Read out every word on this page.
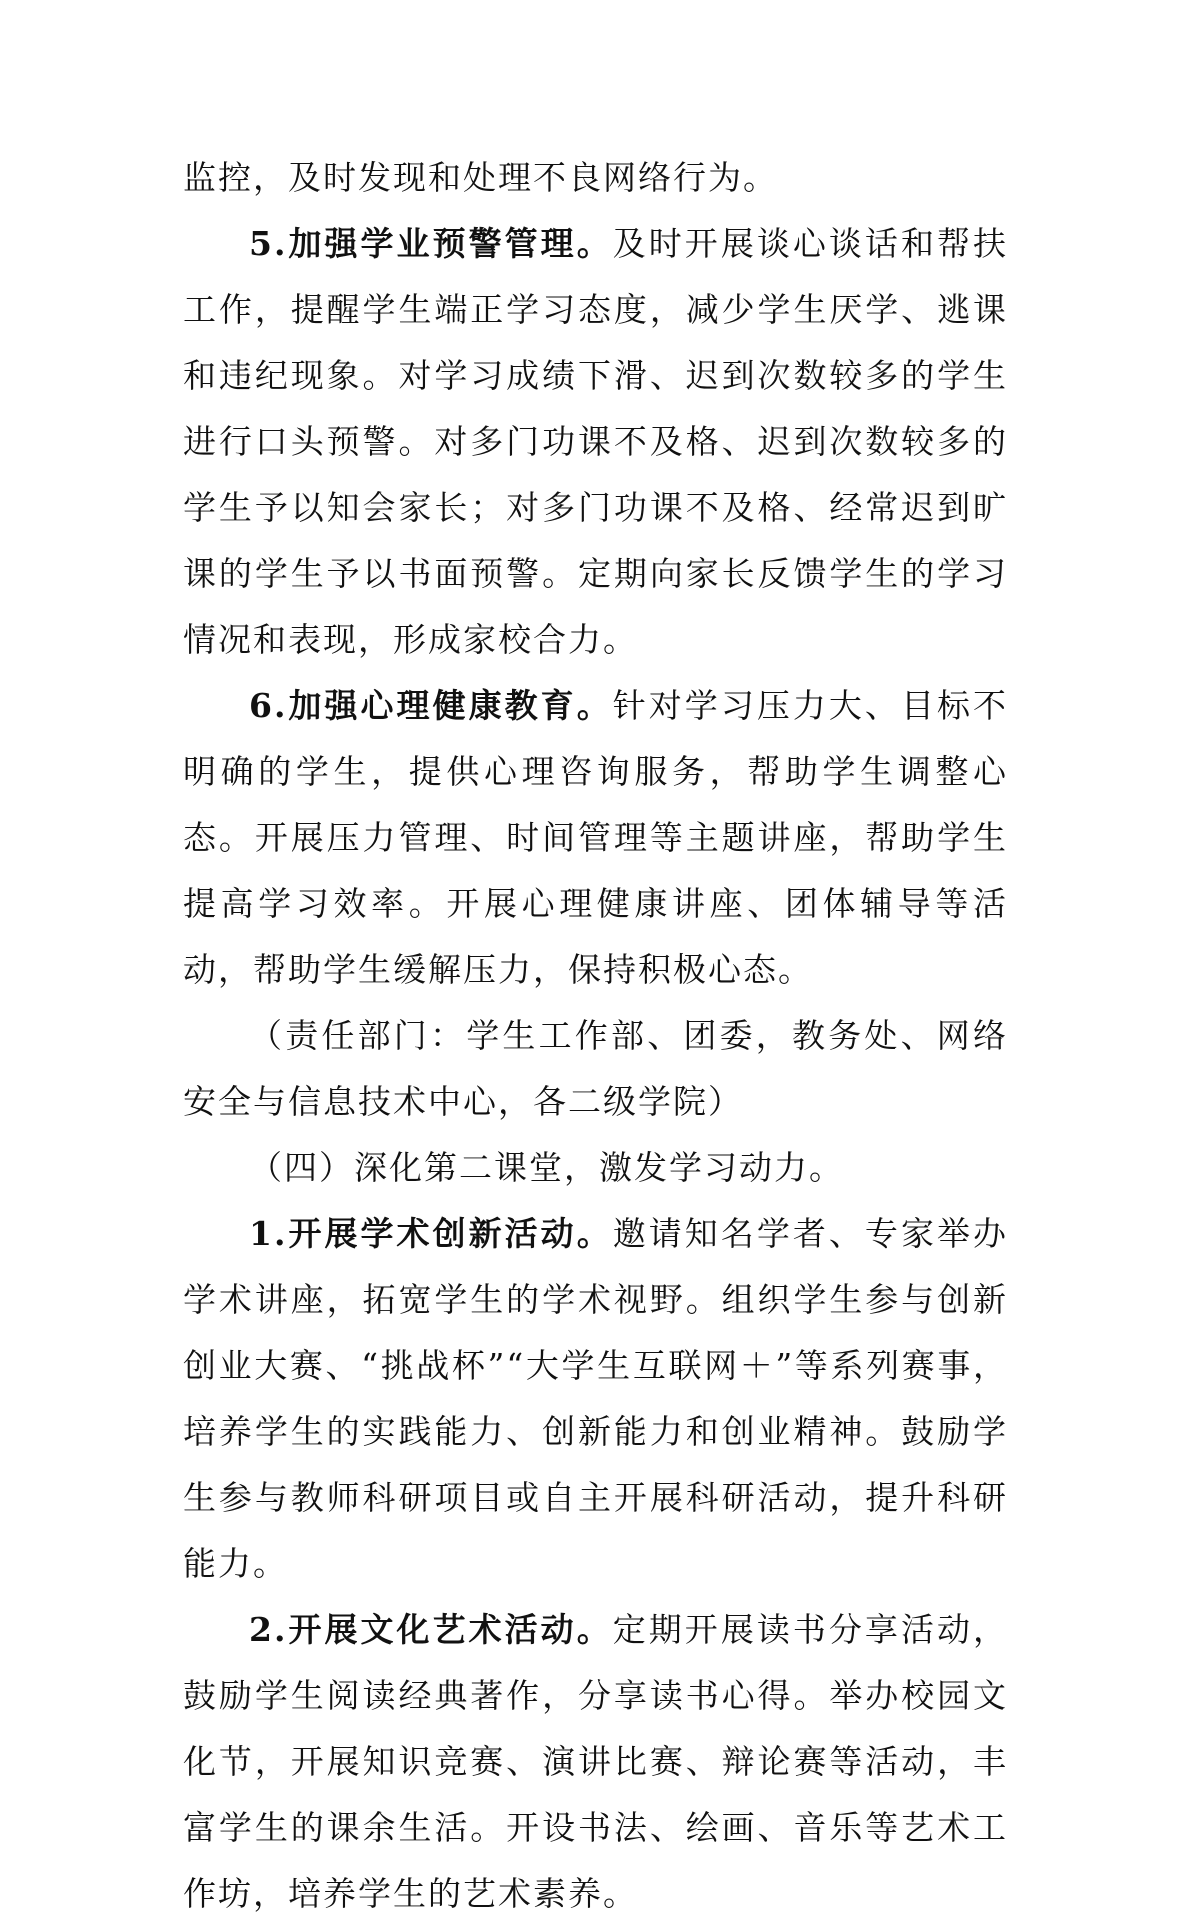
监控，及时发现和处理不良网络行为。

5.加强学业预警管理。及时开展谈心谈话和帮扶工作，提醒学生端正学习态度，减少学生厌学、逃课和违纪现象。对学习成绩下滑、迟到次数较多的学生进行口头预警。对多门功课不及格、迟到次数较多的学生予以知会家长；对多门功课不及格、经常迟到旷课的学生予以书面预警。定期向家长反馈学生的学习情况和表现，形成家校合力。

6.加强心理健康教育。针对学习压力大、目标不明确的学生，提供心理咨询服务，帮助学生调整心态。开展压力管理、时间管理等主题讲座，帮助学生提高学习效率。开展心理健康讲座、团体辅导等活动，帮助学生缓解压力，保持积极心态。

（责任部门：学生工作部、团委，教务处、网络安全与信息技术中心，各二级学院）

（四）深化第二课堂，激发学习动力。

1.开展学术创新活动。邀请知名学者、专家举办学术讲座，拓宽学生的学术视野。组织学生参与创新创业大赛、“挑战杯”“大学生互联网＋”等系列赛事，培养学生的实践能力、创新能力和创业精神。鼓励学生参与教师科研项目或自主开展科研活动，提升科研能力。

2.开展文化艺术活动。定期开展读书分享活动，鼓励学生阅读经典著作，分享读书心得。举办校园文化节，开展知识竞赛、演讲比赛、辩论赛等活动，丰富学生的课余生活。开设书法、绘画、音乐等艺术工作坊，培养学生的艺术素养。
